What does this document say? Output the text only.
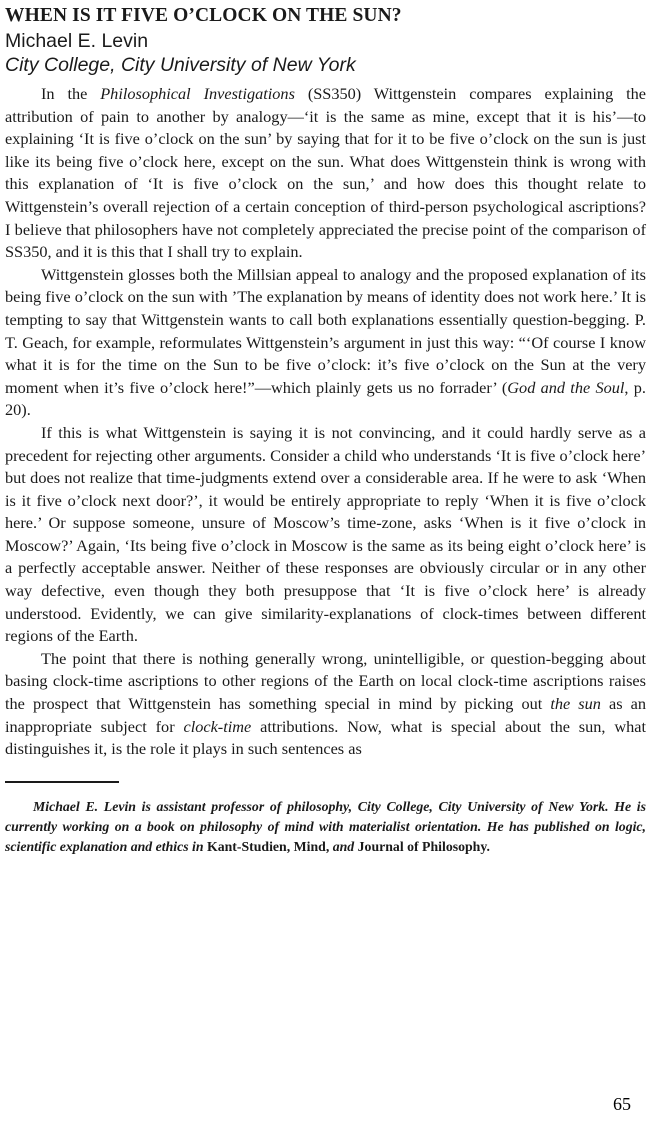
WHEN IS IT FIVE O’CLOCK ON THE SUN?

Michael E. Levin

City College, City University of New York

In the Philosophical Investigations (SS350) Wittgenstein compares explaining the attribution of pain to another by analogy—‘it is the same as mine, except that it is his’—to explaining ‘It is five o’clock on the sun’ by saying that for it to be five o’clock on the sun is just like its being five o’clock here, except on the sun. What does Wittgenstein think is wrong with this explanation of ‘It is five o’clock on the sun,’ and how does this thought relate to Wittgenstein’s overall rejection of a certain conception of third-person psychological ascriptions? I believe that philosophers have not completely appreciated the precise point of the comparison of SS350, and it is this that I shall try to explain.

Wittgenstein glosses both the Millsian appeal to analogy and the proposed explanation of its being five o’clock on the sun with ’The explanation by means of identity does not work here.’ It is tempting to say that Wittgenstein wants to call both explanations essentially question-begging. P. T. Geach, for example, reformulates Wittgenstein’s argument in just this way: “‘Of course I know what it is for the time on the Sun to be five o’clock: it’s five o’clock on the Sun at the very moment when it’s five o’clock here!”—which plainly gets us no forrader’ (God and the Soul, p. 20).

If this is what Wittgenstein is saying it is not convincing, and it could hardly serve as a precedent for rejecting other arguments. Consider a child who understands ‘It is five o’clock here’ but does not realize that time-judgments extend over a considerable area. If he were to ask ‘When is it five o’clock next door?’, it would be entirely appropriate to reply ‘When it is five o’clock here.’ Or suppose someone, unsure of Moscow’s time-zone, asks ‘When is it five o’clock in Moscow?’ Again, ‘Its being five o’clock in Moscow is the same as its being eight o’clock here’ is a perfectly acceptable answer. Neither of these responses are obviously circular or in any other way defective, even though they both presuppose that ‘It is five o’clock here’ is already understood. Evidently, we can give similarity-explanations of clock-times between different regions of the Earth.

The point that there is nothing generally wrong, unintelligible, or question-begging about basing clock-time ascriptions to other regions of the Earth on local clock-time ascriptions raises the prospect that Wittgenstein has something special in mind by picking out the sun as an inappropriate subject for clock-time attributions. Now, what is special about the sun, what distinguishes it, is the role it plays in such sentences as

Michael E. Levin is assistant professor of philosophy, City College, City University of New York. He is currently working on a book on philosophy of mind with materialist orientation. He has published on logic, scientific explanation and ethics in Kant-Studien, Mind, and Journal of Philosophy.

65
